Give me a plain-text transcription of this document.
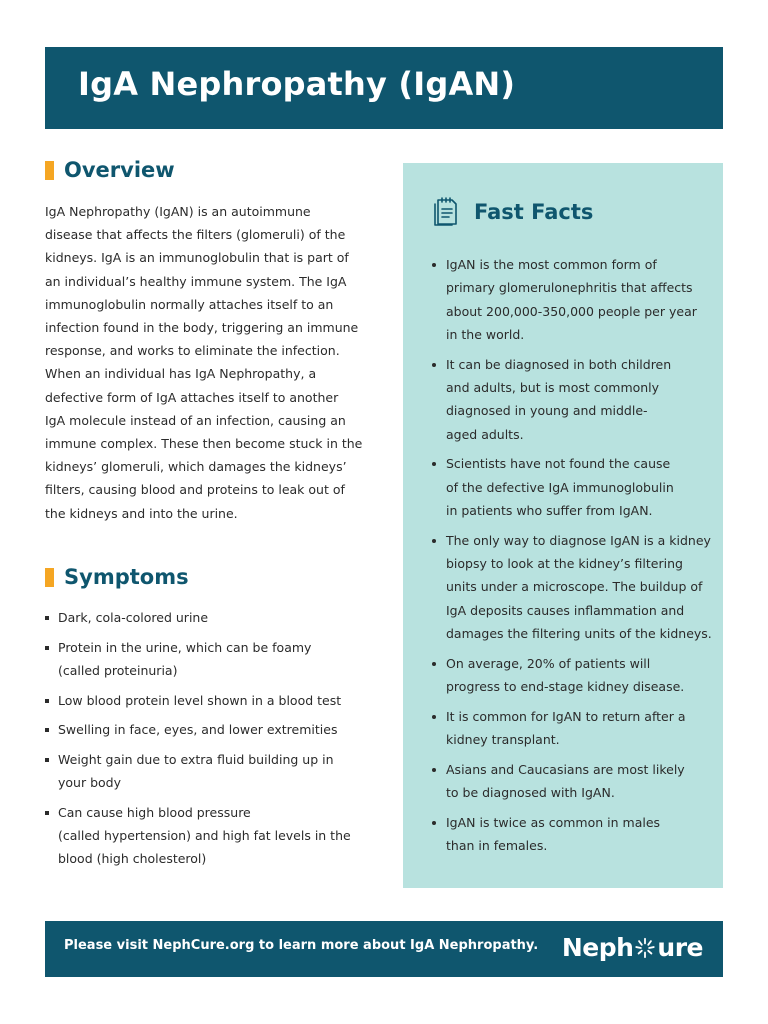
IgA Nephropathy (IgAN)
Overview
IgA Nephropathy (IgAN) is an autoimmune
disease that affects the filters (glomeruli) of the
kidneys. IgA is an immunoglobulin that is part of
an individual’s healthy immune system. The IgA
immunoglobulin normally attaches itself to an
infection found in the body, triggering an immune
response, and works to eliminate the infection.
When an individual has IgA Nephropathy, a
defective form of IgA attaches itself to another
IgA molecule instead of an infection, causing an
immune complex. These then become stuck in the
kidneys’ glomeruli, which damages the kidneys’
filters, causing blood and proteins to leak out of
the kidneys and into the urine.
Symptoms
Dark, cola-colored urine
Protein in the urine, which can be foamy
(called proteinuria)
Low blood protein level shown in a blood test
Swelling in face, eyes, and lower extremities
Weight gain due to extra fluid building up in
your body
Can cause high blood pressure
(called hypertension) and high fat levels in the
blood (high cholesterol)
Fast Facts
IgAN is the most common form of
primary glomerulonephritis that affects
about 200,000-350,000 people per year
in the world.
It can be diagnosed in both children
and adults, but is most commonly
diagnosed in young and middle-
aged adults.
Scientists have not found the cause
of the defective IgA immunoglobulin
in patients who suffer from IgAN.
The only way to diagnose IgAN is a kidney
biopsy to look at the kidney’s filtering
units under a microscope. The buildup of
IgA deposits causes inflammation and
damages the filtering units of the kidneys.
On average, 20% of patients will
progress to end-stage kidney disease.
It is common for IgAN to return after a
kidney transplant.
Asians and Caucasians are most likely
to be diagnosed with IgAN.
IgAN is twice as common in males
than in females.
Please visit NephCure.org to learn more about IgA Nephropathy. Neph ure
